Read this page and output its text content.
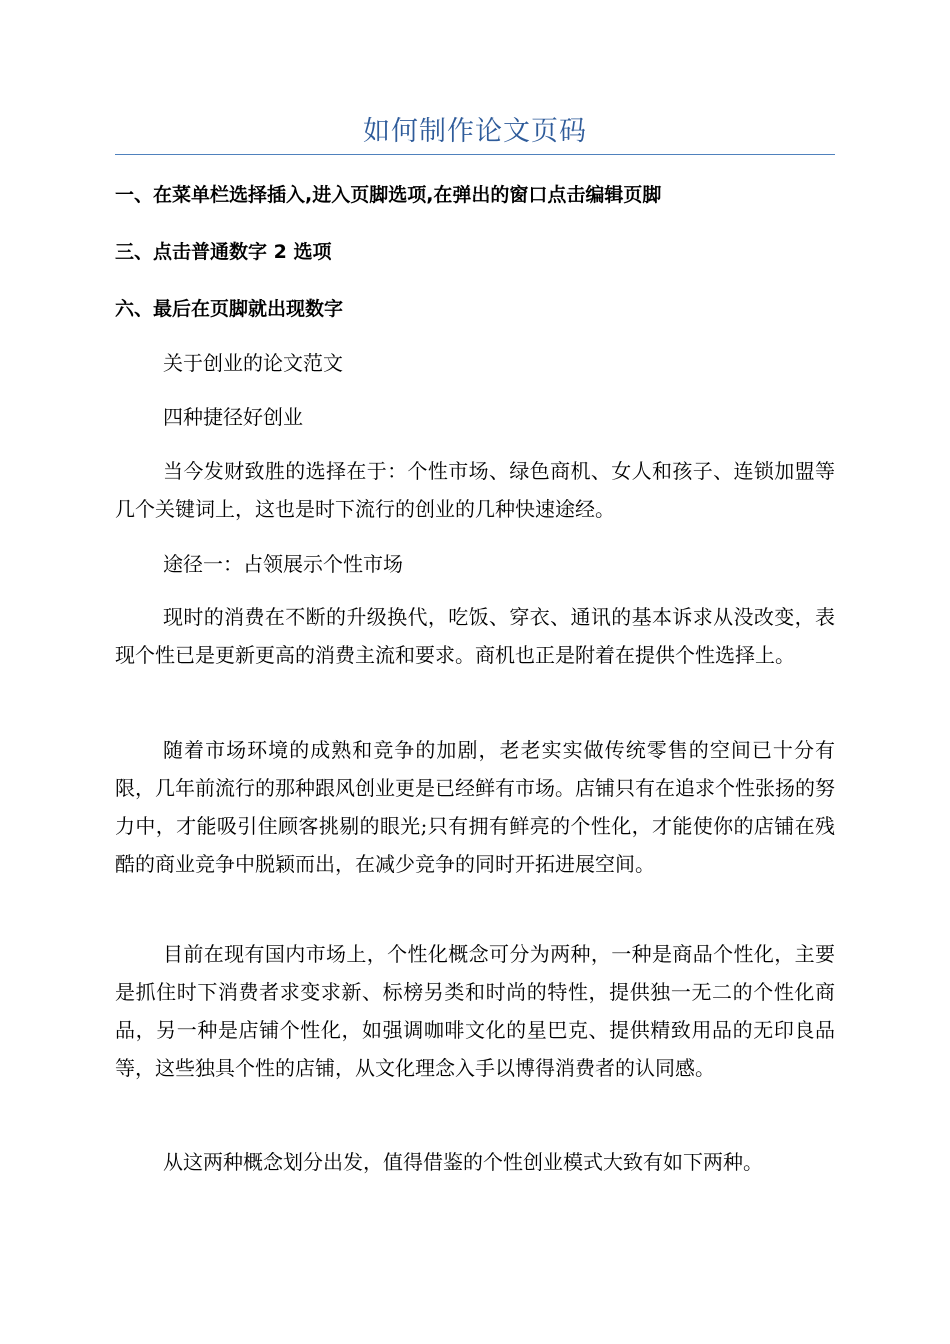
如何制作论文页码
一、在菜单栏选择插入,进入页脚选项,在弹出的窗口点击编辑页脚
三、点击普通数字 2 选项
六、最后在页脚就出现数字
关于创业的论文范文
四种捷径好创业
当今发财致胜的选择在于：个性市场、绿色商机、女人和孩子、连锁加盟等几个关键词上，这也是时下流行的创业的几种快速途经。
途径一：占领展示个性市场
现时的消费在不断的升级换代，吃饭、穿衣、通讯的基本诉求从没改变，表现个性已是更新更高的消费主流和要求。商机也正是附着在提供个性选择上。
随着市场环境的成熟和竞争的加剧，老老实实做传统零售的空间已十分有限，几年前流行的那种跟风创业更是已经鲜有市场。店铺只有在追求个性张扬的努力中，才能吸引住顾客挑剔的眼光;只有拥有鲜亮的个性化，才能使你的店铺在残酷的商业竞争中脱颖而出，在减少竞争的同时开拓进展空间。
目前在现有国内市场上，个性化概念可分为两种，一种是商品个性化，主要是抓住时下消费者求变求新、标榜另类和时尚的特性，提供独一无二的个性化商品，另一种是店铺个性化，如强调咖啡文化的星巴克、提供精致用品的无印良品等，这些独具个性的店铺，从文化理念入手以博得消费者的认同感。
从这两种概念划分出发，值得借鉴的个性创业模式大致有如下两种。
